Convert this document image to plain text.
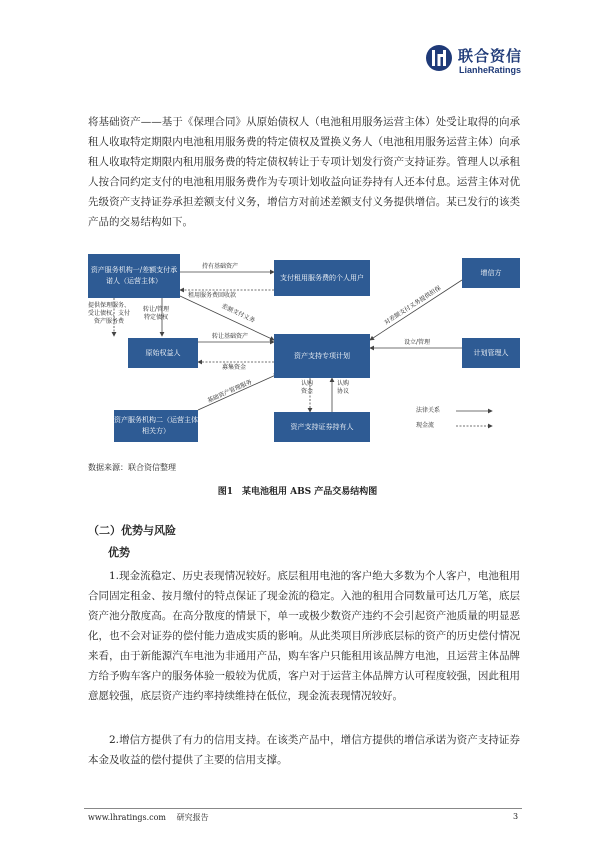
联合资信
LianheRatings

将基础资产——基于《保理合同》从原始债权人（电池租用服务运营主体）处受让取得的向承租人收取特定期限内电池租用服务费的特定债权及置换义务人（电池租用服务运营主体）向承租人收取特定期限内租用服务费的特定债权转让于专项计划发行资产支持证券。管理人以承租人按合同约定支付的电池租用服务费作为专项计划收益向证券持有人还本付息。运营主体对优先级资产支持证券承担差额支付义务，增信方对前述差额支付义务提供增信。某已发行的该类产品的交易结构如下。

资产服务机构一/差额支付承诺人（运营主体）	支付租用服务费的个人用户
增信方
原始权益人	资产支持专项计划	计划管理人
资产服务机构二（运营主体相关方）
资产支持证券持有人
持有基础资产
租用服务费回收款
提供保理服务、受让债权、支付资产服务费
转让/管理特定债权	差额支付义务
转让基础资产
募集资金
对差额支付义务提供担保
设立/管理
基础资产管理服务	认购资金
认购协议
法律关系
现金流
数据来源：联合资信整理
图1　某电池租用 ABS 产品交易结构图
（二）优势与风险
优势

1.现金流稳定、历史表现情况较好。底层租用电池的客户绝大多数为个人客户，电池租用合同固定租金、按月缴付的特点保证了现金流的稳定。入池的租用合同数量可达几万笔，底层资产池分散度高。在高分散度的情景下，单一或极少数资产违约不会引起资产池质量的明显恶化，也不会对证券的偿付能力造成实质的影响。从此类项目所涉底层标的资产的历史偿付情况来看，由于新能源汽车电池为非通用产品，购车客户只能租用该品牌方电池，且运营主体品牌方给予购车客户的服务体验一般较为优质，客户对于运营主体品牌方认可程度较强，因此租用意愿较强，底层资产违约率持续维持在低位，现金流表现情况较好。

2.增信方提供了有力的信用支持。在该类产品中，增信方提供的增信承诺为资产支持证券本金及收益的偿付提供了主要的信用支撑。

www.lhratings.com 研究报告	3
